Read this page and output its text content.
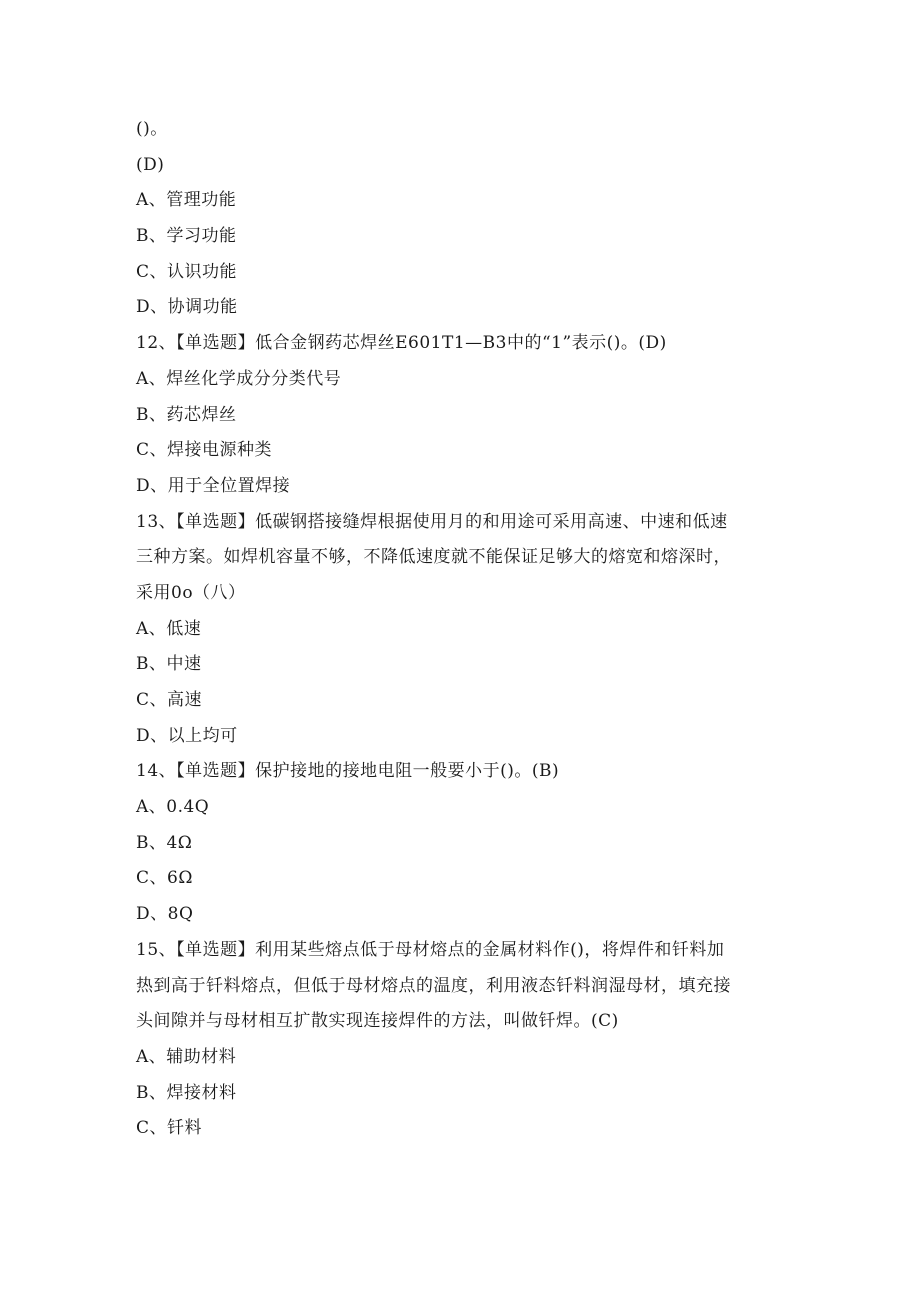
()。
(D)
A、管理功能
B、学习功能
C、认识功能
D、协调功能
12、【单选题】低合金钢药芯焊丝E601T1—B3中的“1”表示()。(D)
A、焊丝化学成分分类代号
B、药芯焊丝
C、焊接电源种类
D、用于全位置焊接
13、【单选题】低碳钢搭接缝焊根据使用月的和用途可采用高速、中速和低速
三种方案。如焊机容量不够，不降低速度就不能保证足够大的熔宽和熔深时，
采用0o（八）
A、低速
B、中速
C、高速
D、以上均可
14、【单选题】保护接地的接地电阻一般要小于()。(B)
A、0.4Q
B、4Ω
C、6Ω
D、8Q
15、【单选题】利用某些熔点低于母材熔点的金属材料作()，将焊件和钎料加
热到高于钎料熔点，但低于母材熔点的温度，利用液态钎料润湿母材，填充接
头间隙并与母材相互扩散实现连接焊件的方法，叫做钎焊。(C)
A、辅助材料
B、焊接材料
C、钎料
